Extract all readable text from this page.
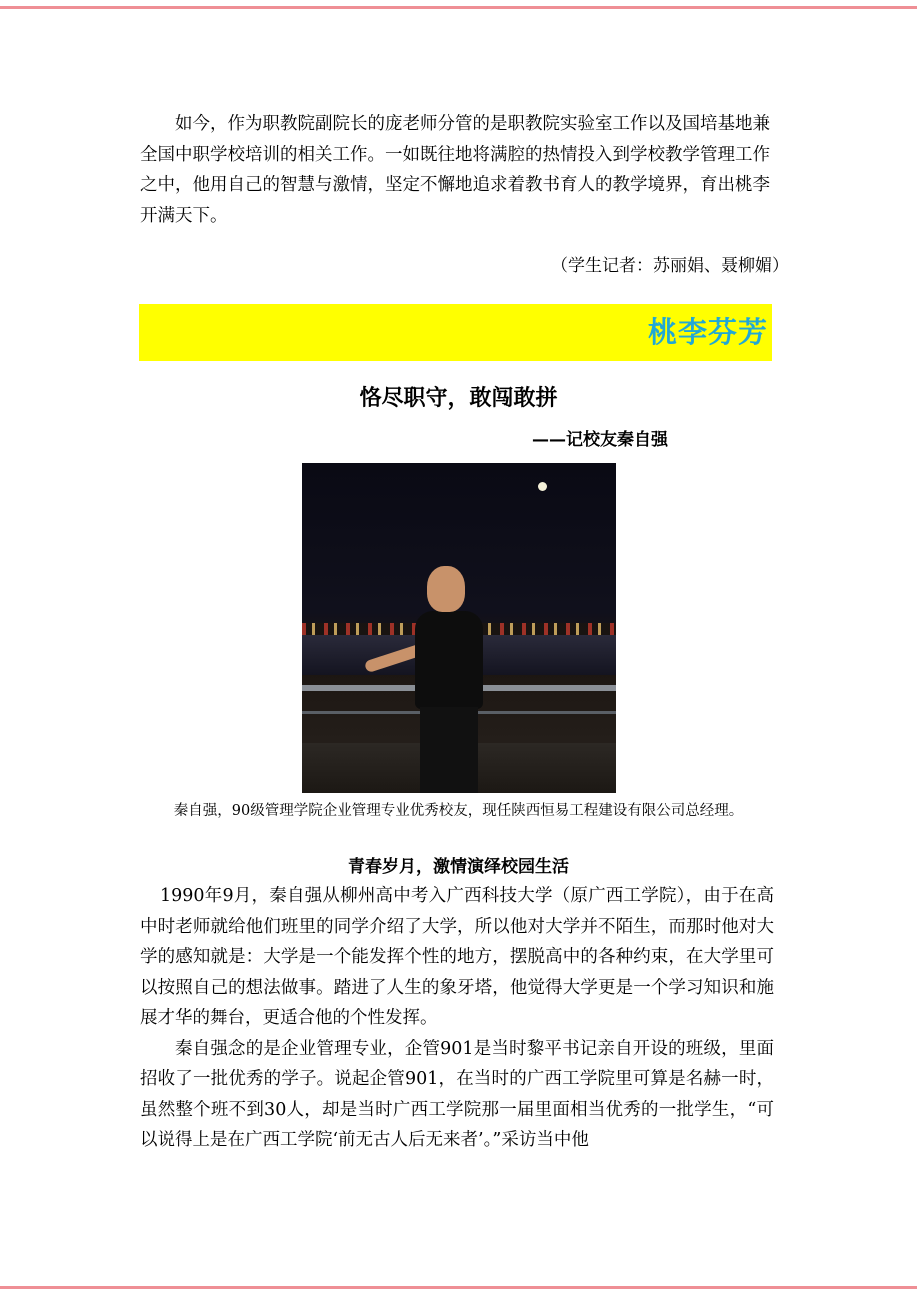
如今，作为职教院副院长的庞老师分管的是职教院实验室工作以及国培基地兼全国中职学校培训的相关工作。一如既往地将满腔的热情投入到学校教学管理工作之中，他用自己的智慧与激情，坚定不懈地追求着教书育人的教学境界，育出桃李开满天下。

（学生记者：苏丽娟、聂柳媚）

桃李芬芳
恪尽职守，敢闯敢拼

——记校友秦自强

秦自强，90级管理学院企业管理专业优秀校友，现任陕西恒易工程建设有限公司总经理。

青春岁月，激情演绎校园生活

1990年9月，秦自强从柳州高中考入广西科技大学（原广西工学院），由于在高中时老师就给他们班里的同学介绍了大学，所以他对大学并不陌生，而那时他对大学的感知就是：大学是一个能发挥个性的地方，摆脱高中的各种约束，在大学里可以按照自己的想法做事。踏进了人生的象牙塔，他觉得大学更是一个学习知识和施展才华的舞台，更适合他的个性发挥。

秦自强念的是企业管理专业，企管901是当时黎平书记亲自开设的班级，里面招收了一批优秀的学子。说起企管901，在当时的广西工学院里可算是名赫一时，虽然整个班不到30人，却是当时广西工学院那一届里面相当优秀的一批学生，“可以说得上是在广西工学院‘前无古人后无来者’。”采访当中他
